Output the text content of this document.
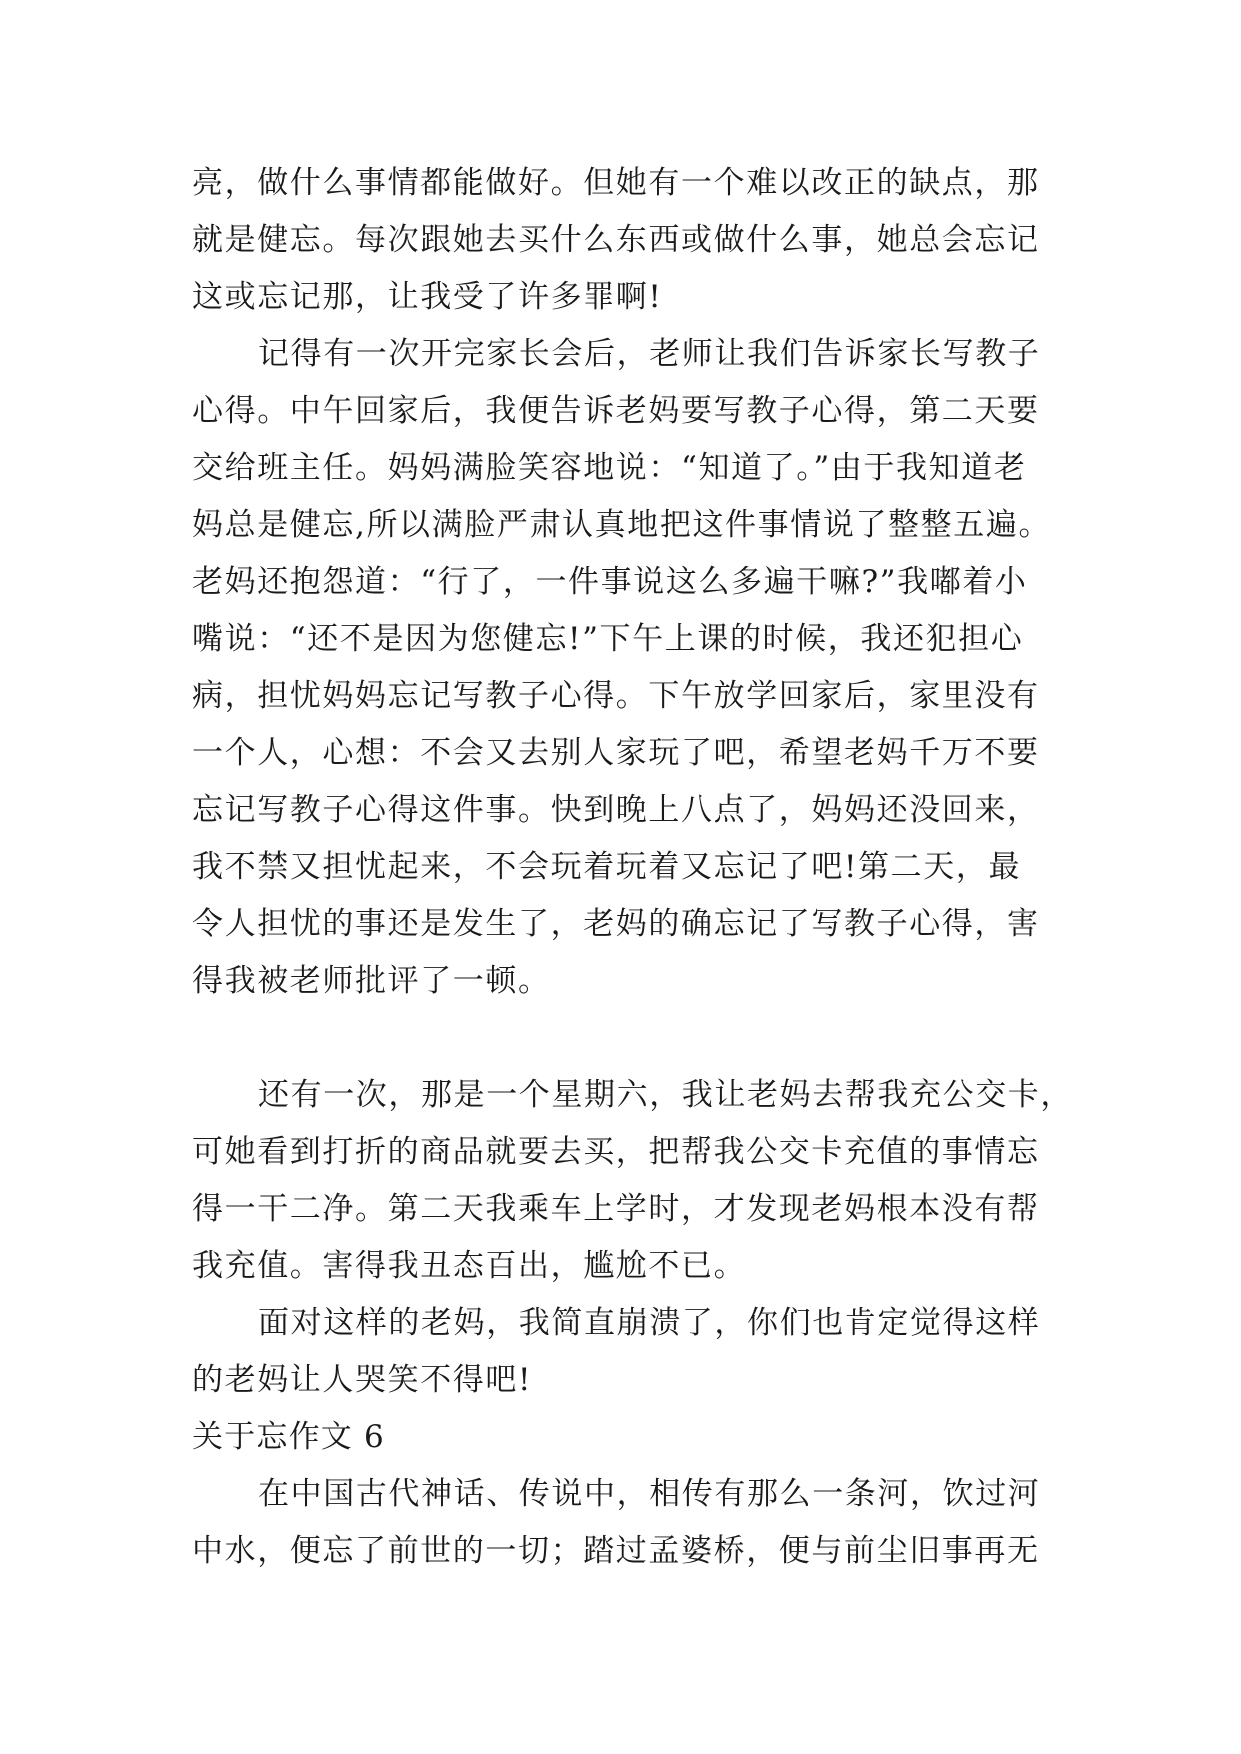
亮，做什么事情都能做好。但她有一个难以改正的缺点，那
就是健忘。每次跟她去买什么东西或做什么事，她总会忘记
这或忘记那，让我受了许多罪啊!

记得有一次开完家长会后，老师让我们告诉家长写教子
心得。中午回家后，我便告诉老妈要写教子心得，第二天要
交给班主任。妈妈满脸笑容地说：“知道了。”由于我知道老
妈总是健忘,所以满脸严肃认真地把这件事情说了整整五遍。
老妈还抱怨道：“行了，一件事说这么多遍干嘛?”我嘟着小
嘴说：“还不是因为您健忘!”下午上课的时候，我还犯担心
病，担忧妈妈忘记写教子心得。下午放学回家后，家里没有
一个人，心想：不会又去别人家玩了吧，希望老妈千万不要
忘记写教子心得这件事。快到晚上八点了，妈妈还没回来，
我不禁又担忧起来，不会玩着玩着又忘记了吧!第二天，最
令人担忧的事还是发生了，老妈的确忘记了写教子心得，害
得我被老师批评了一顿。

还有一次，那是一个星期六，我让老妈去帮我充公交卡，
可她看到打折的商品就要去买，把帮我公交卡充值的事情忘
得一干二净。第二天我乘车上学时，才发现老妈根本没有帮
我充值。害得我丑态百出，尴尬不已。

面对这样的老妈，我简直崩溃了，你们也肯定觉得这样
的老妈让人哭笑不得吧!

关于忘作文 6

在中国古代神话、传说中，相传有那么一条河，饮过河
中水，便忘了前世的一切；踏过孟婆桥，便与前尘旧事再无
